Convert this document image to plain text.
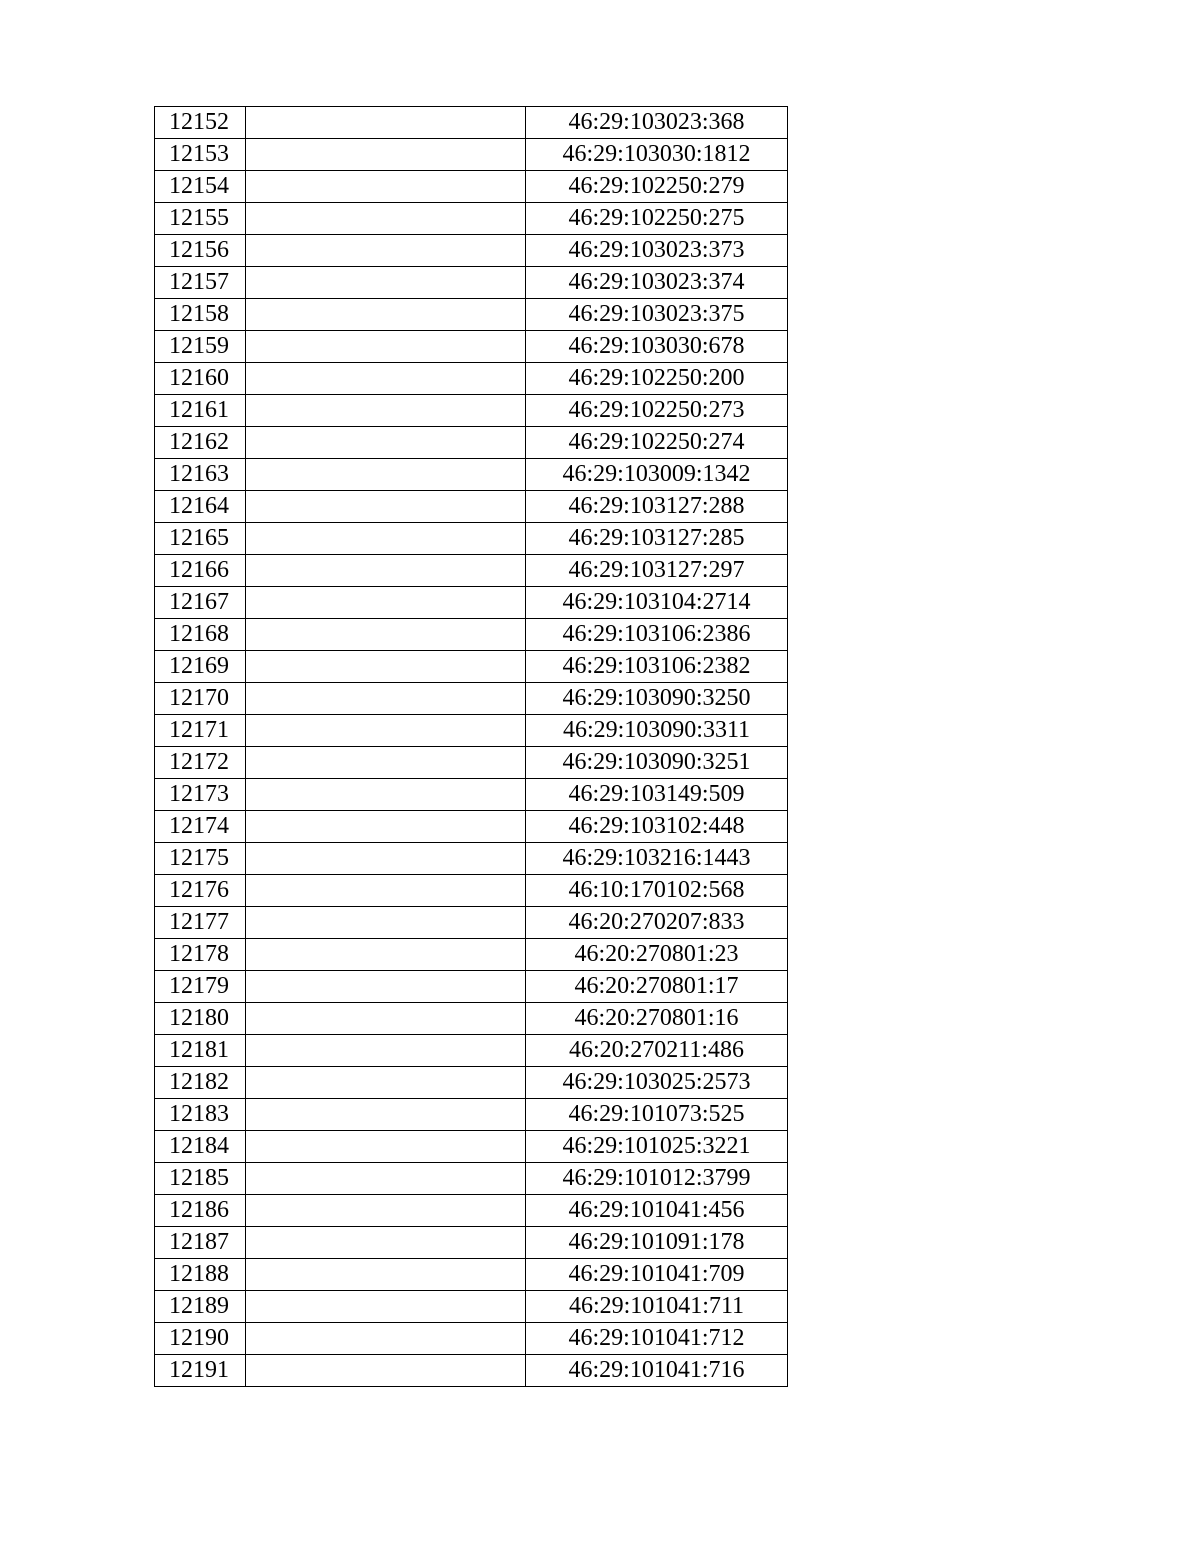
12152		46:29:103023:368
12153		46:29:103030:1812
12154		46:29:102250:279
12155		46:29:102250:275
12156		46:29:103023:373
12157		46:29:103023:374
12158		46:29:103023:375
12159		46:29:103030:678
12160		46:29:102250:200
12161		46:29:102250:273
12162		46:29:102250:274
12163		46:29:103009:1342
12164		46:29:103127:288
12165		46:29:103127:285
12166		46:29:103127:297
12167		46:29:103104:2714
12168		46:29:103106:2386
12169		46:29:103106:2382
12170		46:29:103090:3250
12171		46:29:103090:3311
12172		46:29:103090:3251
12173		46:29:103149:509
12174		46:29:103102:448
12175		46:29:103216:1443
12176		46:10:170102:568
12177		46:20:270207:833
12178		46:20:270801:23
12179		46:20:270801:17
12180		46:20:270801:16
12181		46:20:270211:486
12182		46:29:103025:2573
12183		46:29:101073:525
12184		46:29:101025:3221
12185		46:29:101012:3799
12186		46:29:101041:456
12187		46:29:101091:178
12188		46:29:101041:709
12189		46:29:101041:711
12190		46:29:101041:712
12191		46:29:101041:716
